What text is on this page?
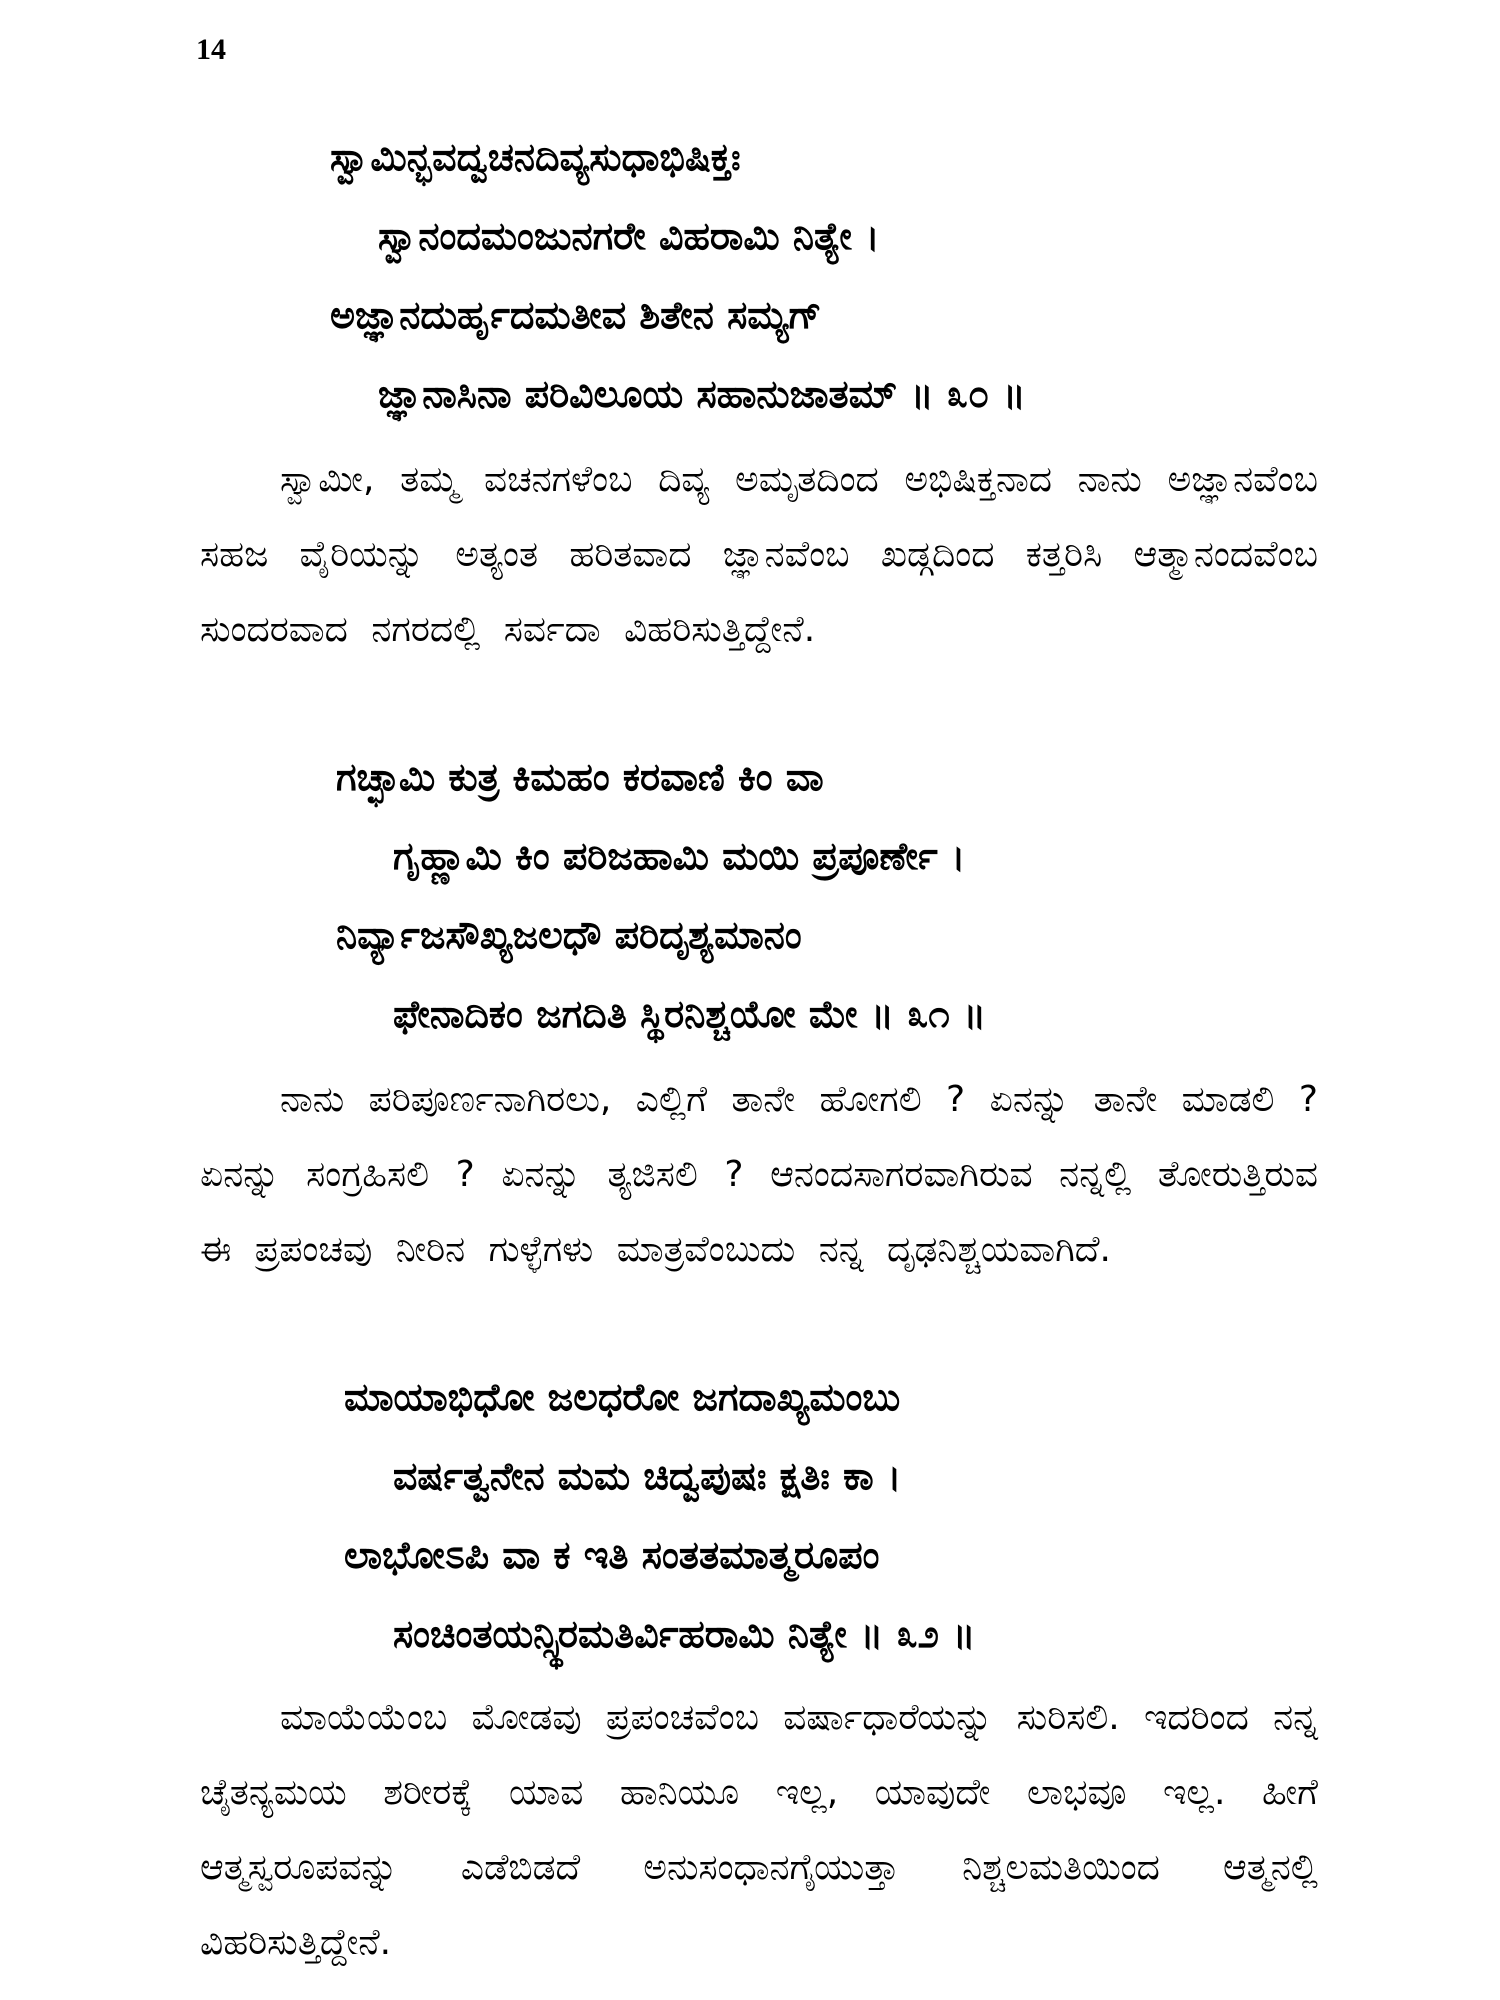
14
ಸ್ವಾಮಿನ್ಭವದ್ವಚನದಿವ್ಯಸುಧಾಭಿಷಿಕ್ತಃ
ಸ್ವಾನಂದಮಂಜುನಗರೇ ವಿಹರಾಮಿ ನಿತ್ಯೇ ।
ಅಜ್ಞಾನದುರ್ಹೃದಮತೀವ ಶಿತೇನ ಸಮ್ಯಗ್
ಜ್ಞಾನಾಸಿನಾ ಪರಿವಿಲೂಯ ಸಹಾನುಜಾತಮ್ ॥ ೩೦ ॥

ಸ್ವಾಮೀ, ತಮ್ಮ ವಚನಗಳೆಂಬ ದಿವ್ಯ ಅಮೃತದಿಂದ ಅಭಿಷಿಕ್ತನಾದ ನಾನು ಅಜ್ಞಾನವೆಂಬ ಸಹಜ ವೈರಿಯನ್ನು ಅತ್ಯಂತ ಹರಿತವಾದ ಜ್ಞಾನವೆಂಬ ಖಡ್ಗದಿಂದ ಕತ್ತರಿಸಿ ಆತ್ಮಾನಂದವೆಂಬ ಸುಂದರವಾದ ನಗರದಲ್ಲಿ ಸರ್ವದಾ ವಿಹರಿಸುತ್ತಿದ್ದೇನೆ.

ಗಚ್ಛಾಮಿ ಕುತ್ರ ಕಿಮಹಂ ಕರವಾಣಿ ಕಿಂ ವಾ
ಗೃಹ್ಣಾಮಿ ಕಿಂ ಪರಿಜಹಾಮಿ ಮಯಿ ಪ್ರಪೂರ್ಣೇ ।
ನಿರ್ವ್ಯಾಜಸೌಖ್ಯಜಲಧೌ ಪರಿದೃಶ್ಯಮಾನಂ
ಫೇನಾದಿಕಂ ಜಗದಿತಿ ಸ್ಥಿರನಿಶ್ಚಯೋ ಮೇ ॥ ೩೧ ॥

ನಾನು ಪರಿಪೂರ್ಣನಾಗಿರಲು, ಎಲ್ಲಿಗೆ ತಾನೇ ಹೋಗಲಿ ? ಏನನ್ನು ತಾನೇ ಮಾಡಲಿ ? ಏನನ್ನು ಸಂಗ್ರಹಿಸಲಿ ? ಏನನ್ನು ತ್ಯಜಿಸಲಿ ? ಆನಂದಸಾಗರವಾಗಿರುವ ನನ್ನಲ್ಲಿ ತೋರುತ್ತಿರುವ ಈ ಪ್ರಪಂಚವು ನೀರಿನ ಗುಳ್ಳೆಗಳು ಮಾತ್ರವೆಂಬುದು ನನ್ನ ದೃಢನಿಶ್ಚಯವಾಗಿದೆ.

ಮಾಯಾಭಿಧೋ ಜಲಧರೋ ಜಗದಾಖ್ಯಮಂಬು
ವರ್ಷತ್ವನೇನ ಮಮ ಚಿದ್ವಪುಷಃ ಕ್ಷತಿಃ ಕಾ ।
ಲಾಭೋಽಪಿ ವಾ ಕ ಇತಿ ಸಂತತಮಾತ್ಮರೂಪಂ
ಸಂಚಿಂತಯನ್ಸ್ಥಿರಮತಿರ್ವಿಹರಾಮಿ ನಿತ್ಯೇ ॥ ೩೨ ॥

ಮಾಯೆಯೆಂಬ ಮೋಡವು ಪ್ರಪಂಚವೆಂಬ ವರ್ಷಾಧಾರೆಯನ್ನು ಸುರಿಸಲಿ. ಇದರಿಂದ ನನ್ನ ಚೈತನ್ಯಮಯ ಶರೀರಕ್ಕೆ ಯಾವ ಹಾನಿಯೂ ಇಲ್ಲ, ಯಾವುದೇ ಲಾಭವೂ ಇಲ್ಲ. ಹೀಗೆ ಆತ್ಮಸ್ವರೂಪವನ್ನು ಎಡೆಬಿಡದೆ ಅನುಸಂಧಾನಗೈಯುತ್ತಾ ನಿಶ್ಚಲಮತಿಯಿಂದ ಆತ್ಮನಲ್ಲಿ ವಿಹರಿಸುತ್ತಿದ್ದೇನೆ.
